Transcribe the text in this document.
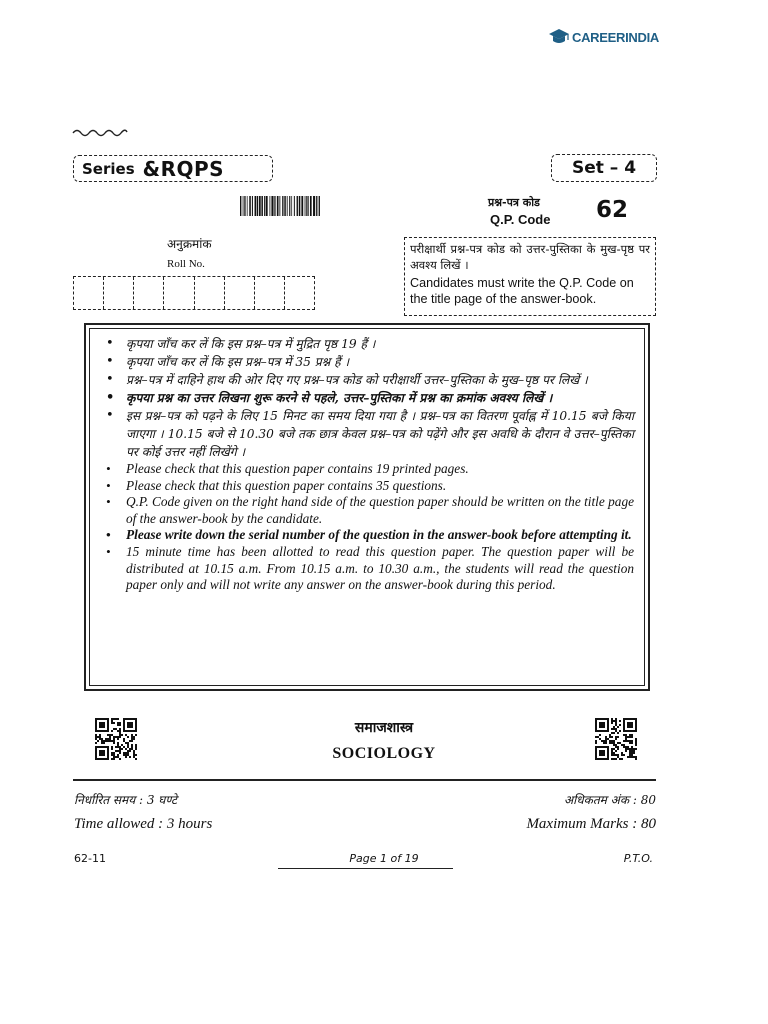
CAREERINDIA
Series &RQPS	Set – 4
प्रश्न-पत्र कोड
Q.P. Code 62
अनुक्रमांक
Roll No.
परीक्षार्थी प्रश्न-पत्र कोड को उत्तर-पुस्तिका के मुख-पृष्ठ पर अवश्य लिखें ।
Candidates must write the Q.P. Code on the title page of the answer-book.
• कृपया जाँच कर लें कि इस प्रश्न–पत्र में मुद्रित पृष्ठ 19 हैं ।
• कृपया जाँच कर लें कि इस प्रश्न–पत्र में 35 प्रश्न हैं ।
• प्रश्न–पत्र में दाहिने हाथ की ओर दिए गए प्रश्न–पत्र कोड को परीक्षार्थी उत्तर–पुस्तिका के मुख–पृष्ठ पर लिखें ।
• कृपया प्रश्न का उत्तर लिखना शुरू करने से पहले, उत्तर–पुस्तिका में प्रश्न का क्रमांक अवश्य लिखें ।
• इस प्रश्न–पत्र को पढ़ने के लिए 15 मिनट का समय दिया गया है । प्रश्न–पत्र का वितरण पूर्वाह्न में 10.15 बजे किया जाएगा । 10.15 बजे से 10.30 बजे तक छात्र केवल प्रश्न–पत्र को पढ़ेंगे और इस अवधि के दौरान वे उत्तर–पुस्तिका पर कोई उत्तर नहीं लिखेंगे ।
• Please check that this question paper contains 19 printed pages.
• Please check that this question paper contains 35 questions.
• Q.P. Code given on the right hand side of the question paper should be written on the title page of the answer-book by the candidate.
• Please write down the serial number of the question in the answer-book before attempting it.
• 15 minute time has been allotted to read this question paper. The question paper will be distributed at 10.15 a.m. From 10.15 a.m. to 10.30 a.m., the students will read the question paper only and will not write any answer on the answer-book during this period.
समाजशास्त्र
SOCIOLOGY
निर्धारित समय : 3 घण्टे	अधिकतम अंक : 80
Time allowed : 3 hours	Maximum Marks : 80
62-11	Page 1 of 19	P.T.O.
